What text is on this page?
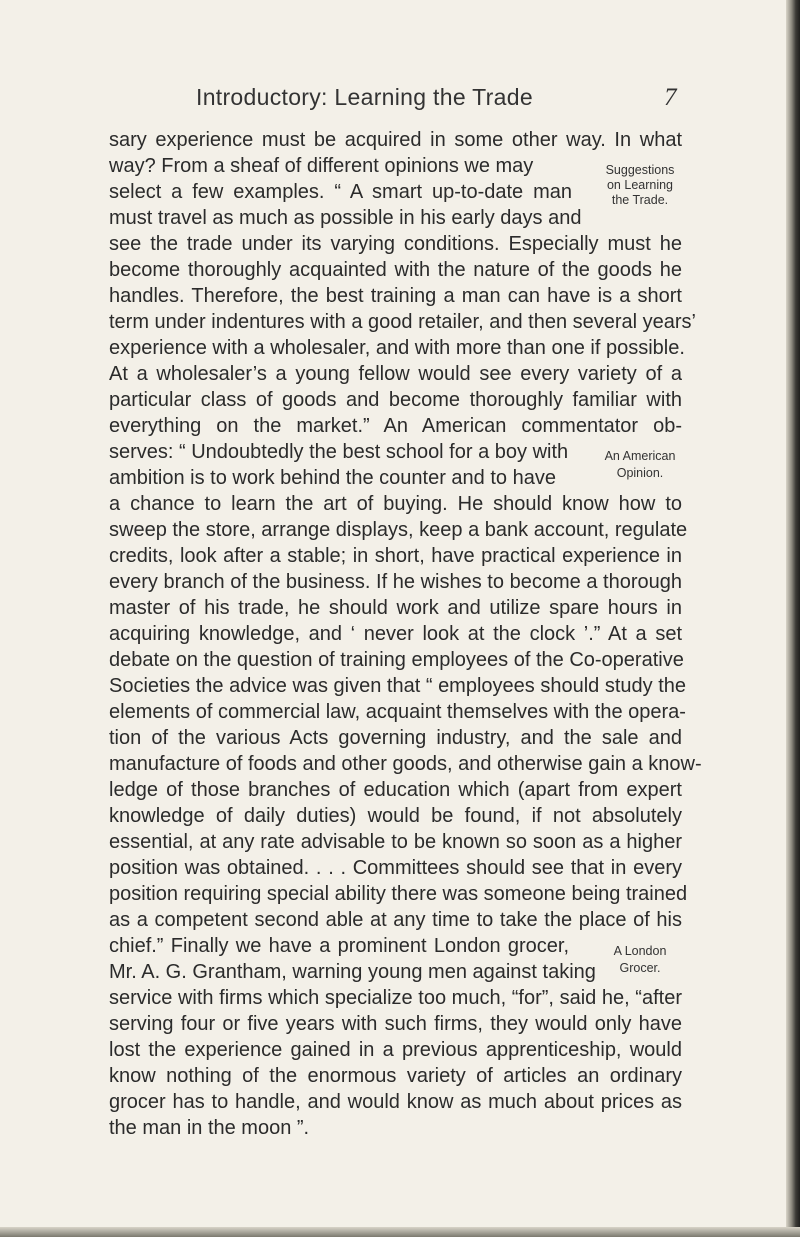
Introductory: Learning the Trade	7
sary experience must be acquired in some other way. In what
way? From a sheaf of different opinions we may
select a few examples. “ A smart up-to-date man
must travel as much as possible in his early days and
see the trade under its varying conditions. Especially must he
become thoroughly acquainted with the nature of the goods he
handles. Therefore, the best training a man can have is a short
term under indentures with a good retailer, and then several years’
experience with a wholesaler, and with more than one if possible.
At a wholesaler’s a young fellow would see every variety of a
particular class of goods and become thoroughly familiar with
everything on the market.” An American commentator ob-
serves: “ Undoubtedly the best school for a boy with
ambition is to work behind the counter and to have
a chance to learn the art of buying. He should know how to
sweep the store, arrange displays, keep a bank account, regulate
credits, look after a stable; in short, have practical experience in
every branch of the business. If he wishes to become a thorough
master of his trade, he should work and utilize spare hours in
acquiring knowledge, and ‘ never look at the clock ’.” At a set
debate on the question of training employees of the Co-operative
Societies the advice was given that “ employees should study the
elements of commercial law, acquaint themselves with the opera-
tion of the various Acts governing industry, and the sale and
manufacture of foods and other goods, and otherwise gain a know-
ledge of those branches of education which (apart from expert
knowledge of daily duties) would be found, if not absolutely
essential, at any rate advisable to be known so soon as a higher
position was obtained. . . . Committees should see that in every
position requiring special ability there was someone being trained
as a competent second able at any time to take the place of his
chief.” Finally we have a prominent London grocer,
Mr. A. G. Grantham, warning young men against taking
service with firms which specialize too much, “for”, said he, “after
serving four or five years with such firms, they would only have
lost the experience gained in a previous apprenticeship, would
know nothing of the enormous variety of articles an ordinary
grocer has to handle, and would know as much about prices as
the man in the moon ”.
Suggestions
on Learning
the Trade.
An American
Opinion.
A London
Grocer.
